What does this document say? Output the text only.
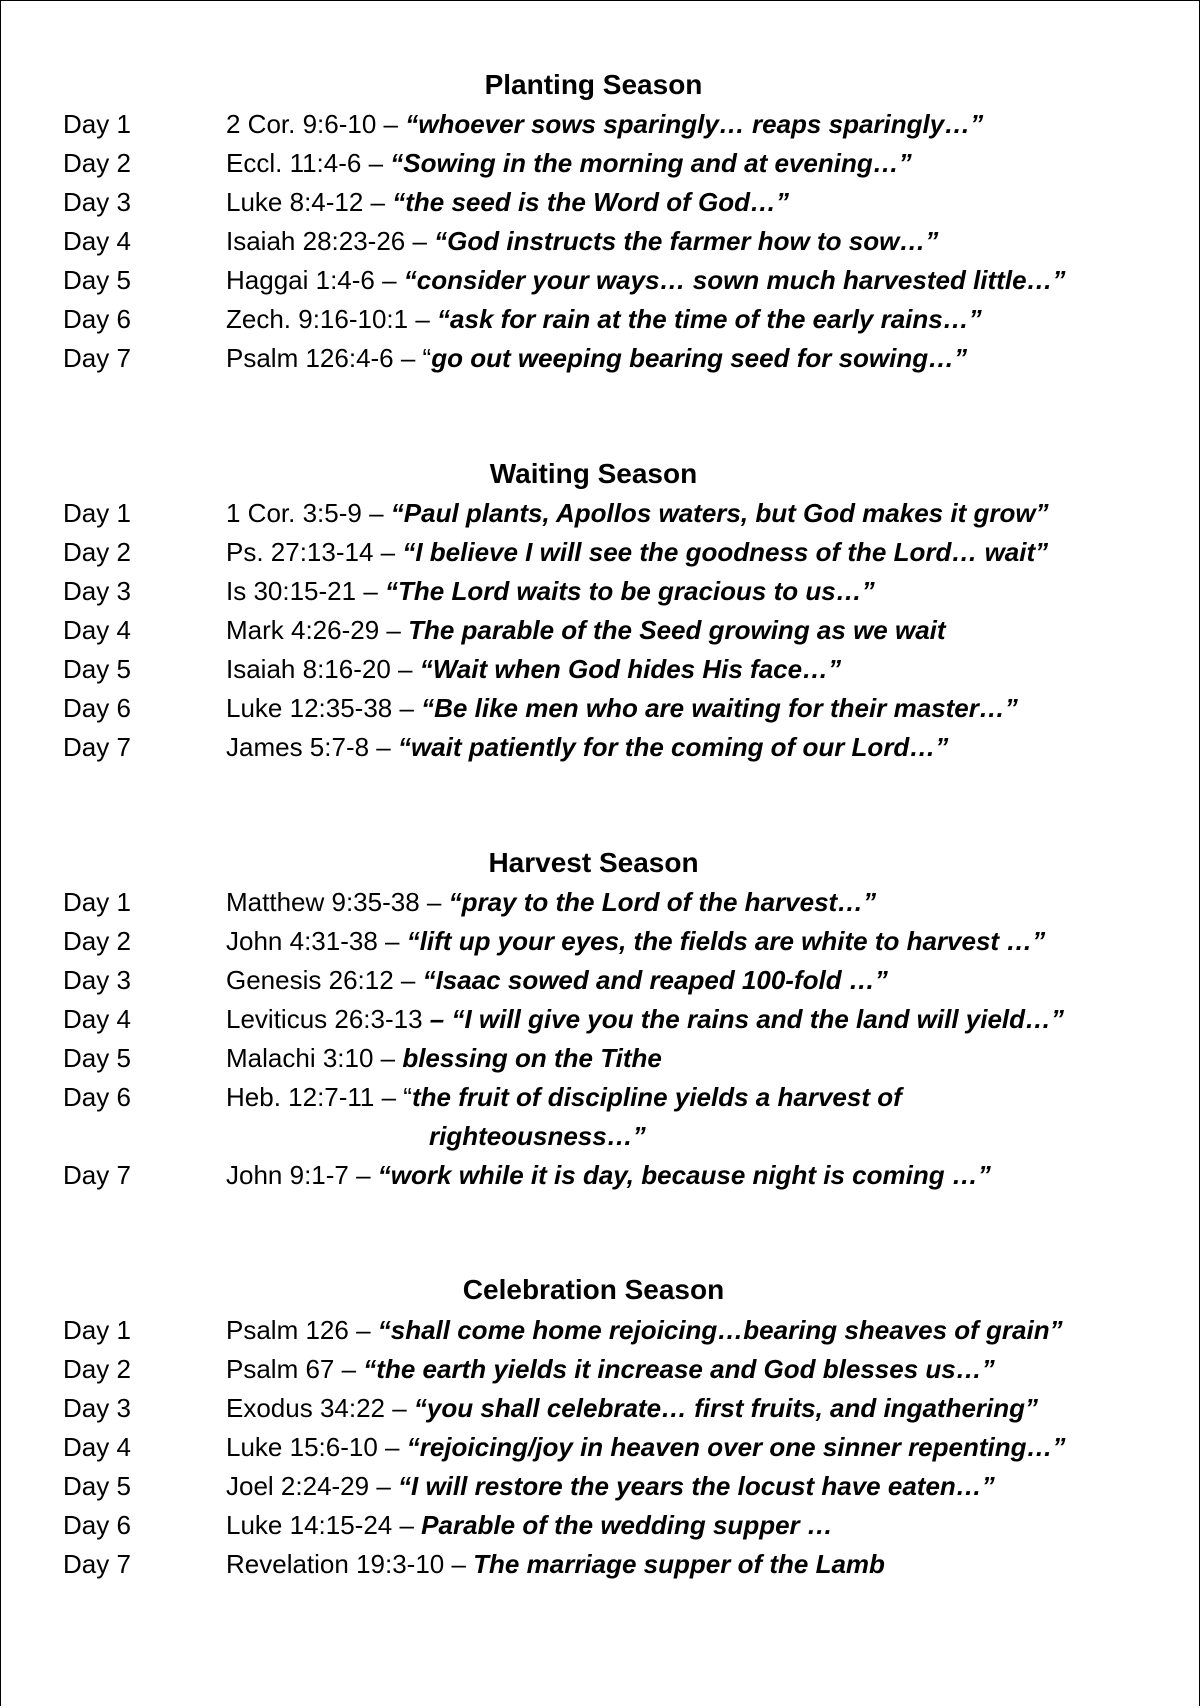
Planting Season
Day 1	2 Cor. 9:6-10 – “whoever sows sparingly… reaps sparingly…”
Day 2	Eccl. 11:4-6 – “Sowing in the morning and at evening…”
Day 3	Luke 8:4-12 – “the seed is the Word of God…”
Day 4	Isaiah 28:23-26 – “God instructs the farmer how to sow…”
Day 5	Haggai 1:4-6 – “consider your ways… sown much harvested little…”
Day 6	Zech. 9:16-10:1 – “ask for rain at the time of the early rains…”
Day 7	Psalm 126:4-6 – “go out weeping bearing seed for sowing…”
Waiting Season
Day 1	1 Cor. 3:5-9 – “Paul plants, Apollos waters, but God makes it grow”
Day 2	Ps. 27:13-14 – “I believe I will see the goodness of the Lord… wait”
Day 3	Is 30:15-21 – “The Lord waits to be gracious to us…”
Day 4	Mark 4:26-29 – The parable of the Seed growing as we wait
Day 5	Isaiah 8:16-20 – “Wait when God hides His face…”
Day 6	Luke 12:35-38 – “Be like men who are waiting for their master…”
Day 7	James 5:7-8 – “wait patiently for the coming of our Lord…”
Harvest Season
Day 1	Matthew 9:35-38 – “pray to the Lord of the harvest…”
Day 2	John 4:31-38 – “lift up your eyes, the fields are white to harvest …”
Day 3	Genesis 26:12 – “Isaac sowed and reaped 100-fold …”
Day 4	Leviticus 26:3-13 – “I will give you the rains and the land will yield…”
Day 5	Malachi 3:10 – blessing on the Tithe
Day 6	Heb. 12:7-11 – “the fruit of discipline yields a harvest of
righteousness…”
Day 7	John 9:1-7 – “work while it is day, because night is coming …”
Celebration Season
Day 1	Psalm 126 – “shall come home rejoicing…bearing sheaves of grain”
Day 2	Psalm 67 – “the earth yields it increase and God blesses us…”
Day 3	Exodus 34:22 – “you shall celebrate… first fruits, and ingathering”
Day 4	Luke 15:6-10 – “rejoicing/joy in heaven over one sinner repenting…”
Day 5	Joel 2:24-29 – “I will restore the years the locust have eaten…”
Day 6	Luke 14:15-24 – Parable of the wedding supper …
Day 7	Revelation 19:3-10 – The marriage supper of the Lamb
